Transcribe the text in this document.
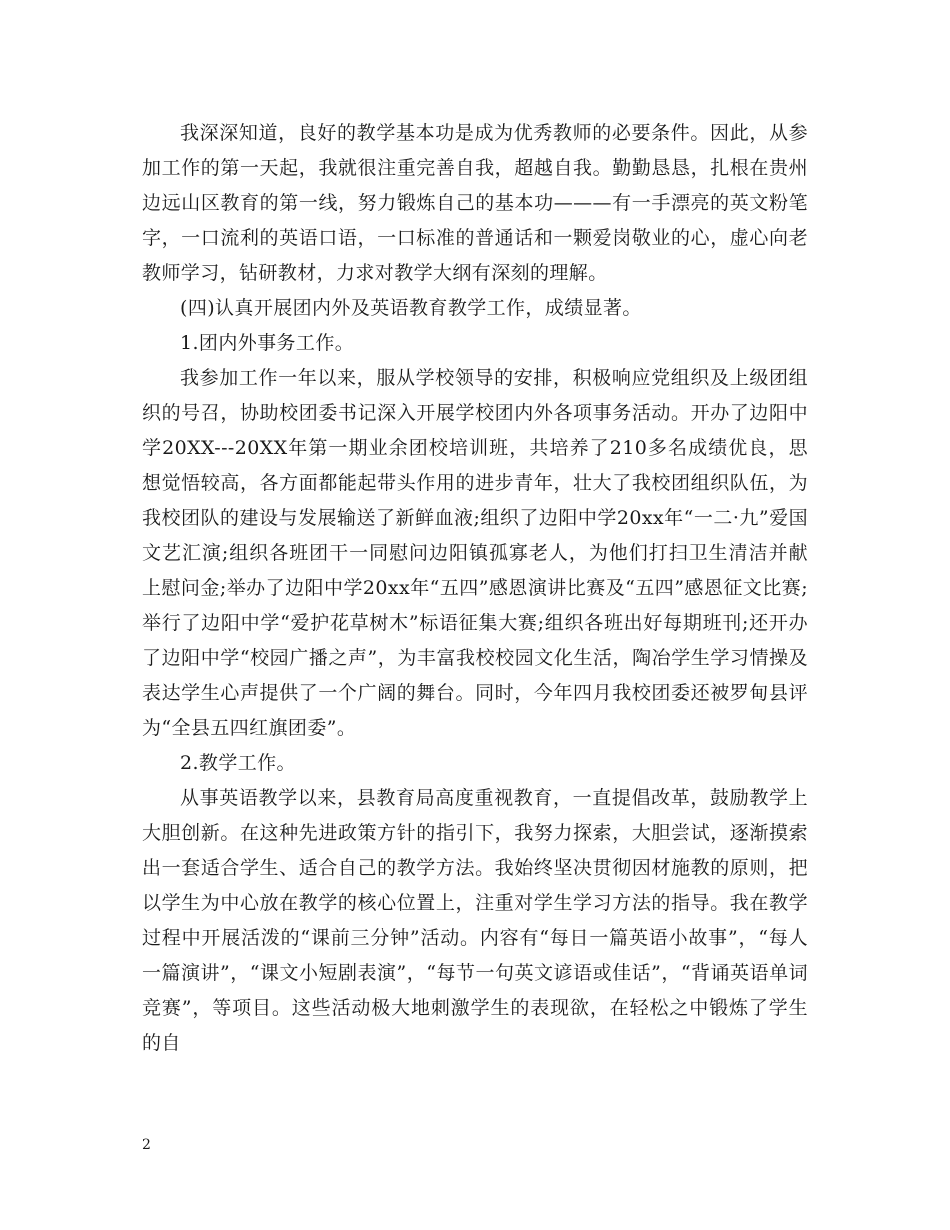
我深深知道，良好的教学基本功是成为优秀教师的必要条件。因此，从参加工作的第一天起，我就很注重完善自我，超越自我。勤勤恳恳，扎根在贵州边远山区教育的第一线，努力锻炼自己的基本功———有一手漂亮的英文粉笔字，一口流利的英语口语，一口标准的普通话和一颗爱岗敬业的心，虚心向老教师学习，钻研教材，力求对教学大纲有深刻的理解。

(四)认真开展团内外及英语教育教学工作，成绩显著。

1.团内外事务工作。

我参加工作一年以来，服从学校领导的安排，积极响应党组织及上级团组织的号召，协助校团委书记深入开展学校团内外各项事务活动。开办了边阳中学20XX---20XX年第一期业余团校培训班，共培养了210多名成绩优良，思想觉悟较高，各方面都能起带头作用的进步青年，壮大了我校团组织队伍，为我校团队的建设与发展输送了新鲜血液;组织了边阳中学20xx年“一二·九”爱国文艺汇演;组织各班团干一同慰问边阳镇孤寡老人，为他们打扫卫生清洁并献上慰问金;举办了边阳中学20xx年“五四”感恩演讲比赛及“五四”感恩征文比赛;举行了边阳中学“爱护花草树木”标语征集大赛;组织各班出好每期班刊;还开办了边阳中学“校园广播之声”，为丰富我校校园文化生活，陶冶学生学习情操及表达学生心声提供了一个广阔的舞台。同时，今年四月我校团委还被罗甸县评为“全县五四红旗团委”。

2.教学工作。

从事英语教学以来，县教育局高度重视教育，一直提倡改革，鼓励教学上大胆创新。在这种先进政策方针的指引下，我努力探索，大胆尝试，逐渐摸索出一套适合学生、适合自己的教学方法。我始终坚决贯彻因材施教的原则，把以学生为中心放在教学的核心位置上，注重对学生学习方法的指导。我在教学过程中开展活泼的“课前三分钟”活动。内容有“每日一篇英语小故事”，“每人一篇演讲”，“课文小短剧表演”，“每节一句英文谚语或佳话”，“背诵英语单词竞赛”，等项目。这些活动极大地刺激学生的表现欲，在轻松之中锻炼了学生的自

2
